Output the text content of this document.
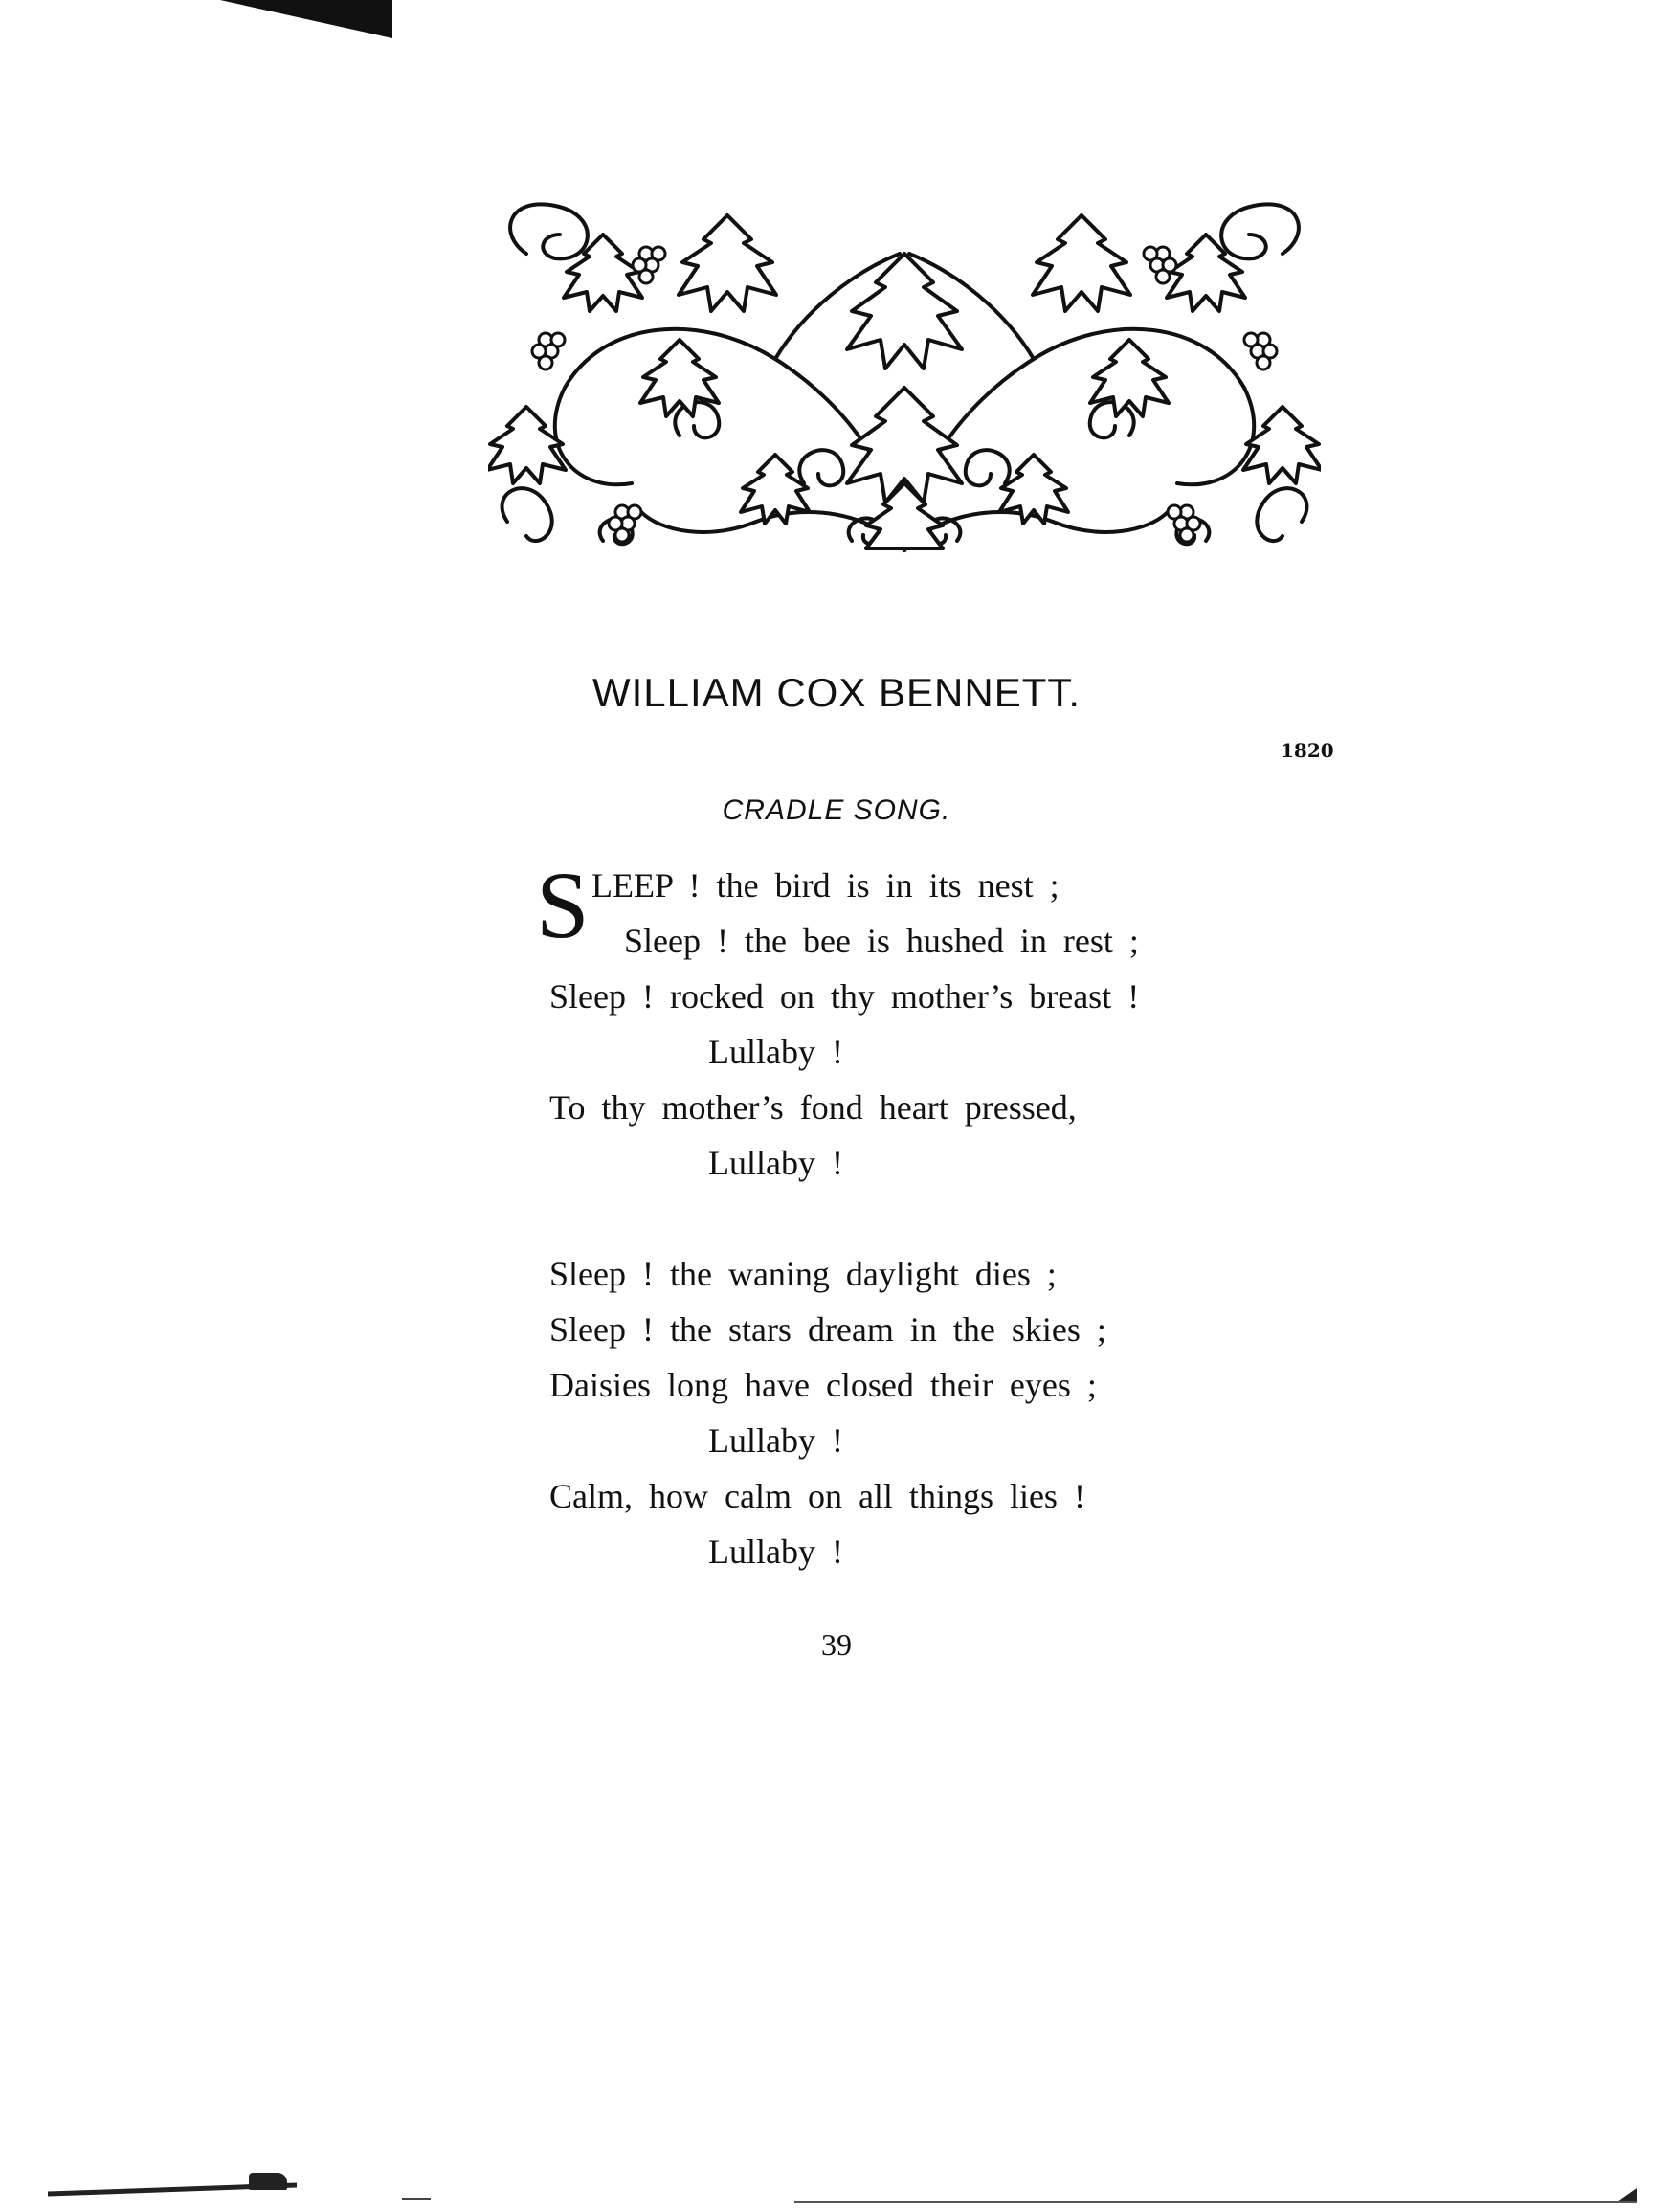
WILLIAM COX BENNETT.
1820
CRADLE SONG.
S LEEP ! the bird is in its nest ;
Sleep ! the bee is hushed in rest ;
Sleep ! rocked on thy mother’s breast !
Lullaby !
To thy mother’s fond heart pressed,
Lullaby !
Sleep ! the waning daylight dies ;
Sleep ! the stars dream in the skies ;
Daisies long have closed their eyes ;
Lullaby !
Calm, how calm on all things lies !
Lullaby !
39
